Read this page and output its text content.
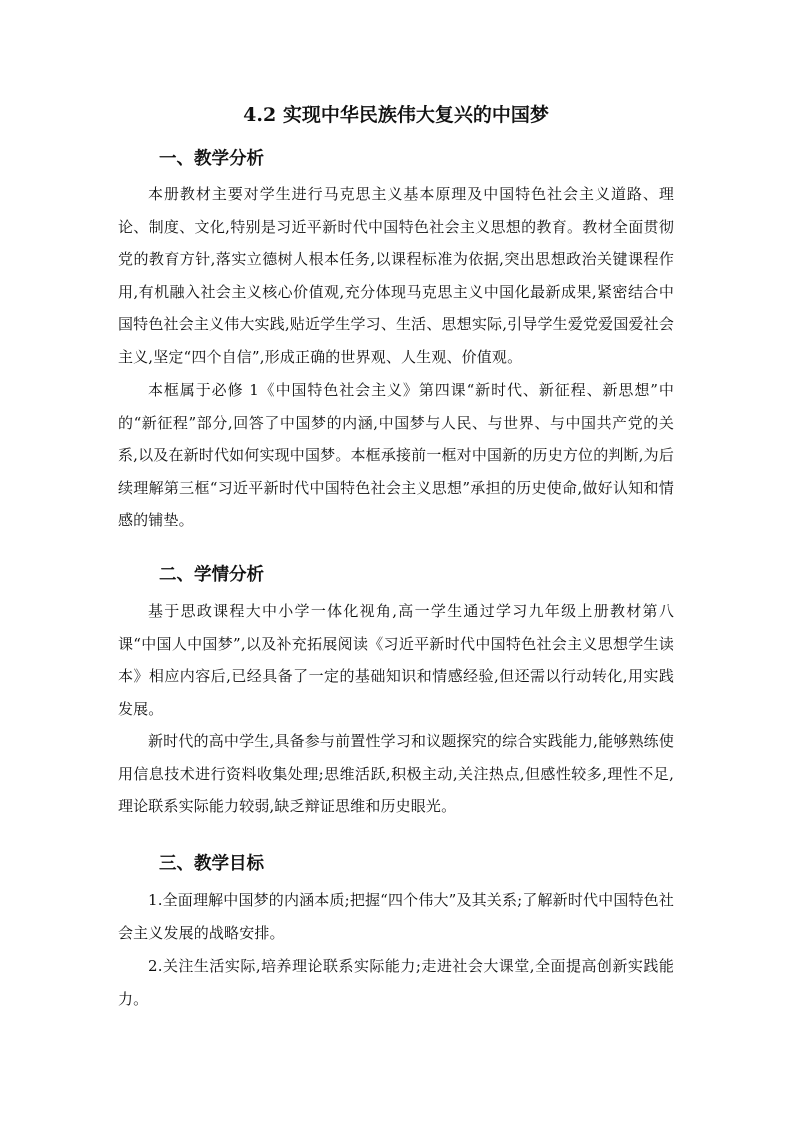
4.2 实现中华民族伟大复兴的中国梦
一、教学分析

本册教材主要对学生进行马克思主义基本原理及中国特色社会主义道路、理论、制度、文化,特别是习近平新时代中国特色社会主义思想的教育。教材全面贯彻党的教育方针,落实立德树人根本任务,以课程标准为依据,突出思想政治关键课程作用,有机融入社会主义核心价值观,充分体现马克思主义中国化最新成果,紧密结合中国特色社会主义伟大实践,贴近学生学习、生活、思想实际,引导学生爱党爱国爱社会主义,坚定“四个自信”,形成正确的世界观、人生观、价值观。

本框属于必修 1《中国特色社会主义》第四课“新时代、新征程、新思想”中的“新征程”部分,回答了中国梦的内涵,中国梦与人民、与世界、与中国共产党的关系,以及在新时代如何实现中国梦。本框承接前一框对中国新的历史方位的判断,为后续理解第三框“习近平新时代中国特色社会主义思想”承担的历史使命,做好认知和情感的铺垫。

二、学情分析

基于思政课程大中小学一体化视角,高一学生通过学习九年级上册教材第八课“中国人中国梦”,以及补充拓展阅读《习近平新时代中国特色社会主义思想学生读本》相应内容后,已经具备了一定的基础知识和情感经验,但还需以行动转化,用实践发展。

新时代的高中学生,具备参与前置性学习和议题探究的综合实践能力,能够熟练使用信息技术进行资料收集处理;思维活跃,积极主动,关注热点,但感性较多,理性不足,理论联系实际能力较弱,缺乏辩证思维和历史眼光。

三、教学目标

1.全面理解中国梦的内涵本质;把握“四个伟大”及其关系;了解新时代中国特色社会主义发展的战略安排。

2.关注生活实际,培养理论联系实际能力;走进社会大课堂,全面提高创新实践能力。
